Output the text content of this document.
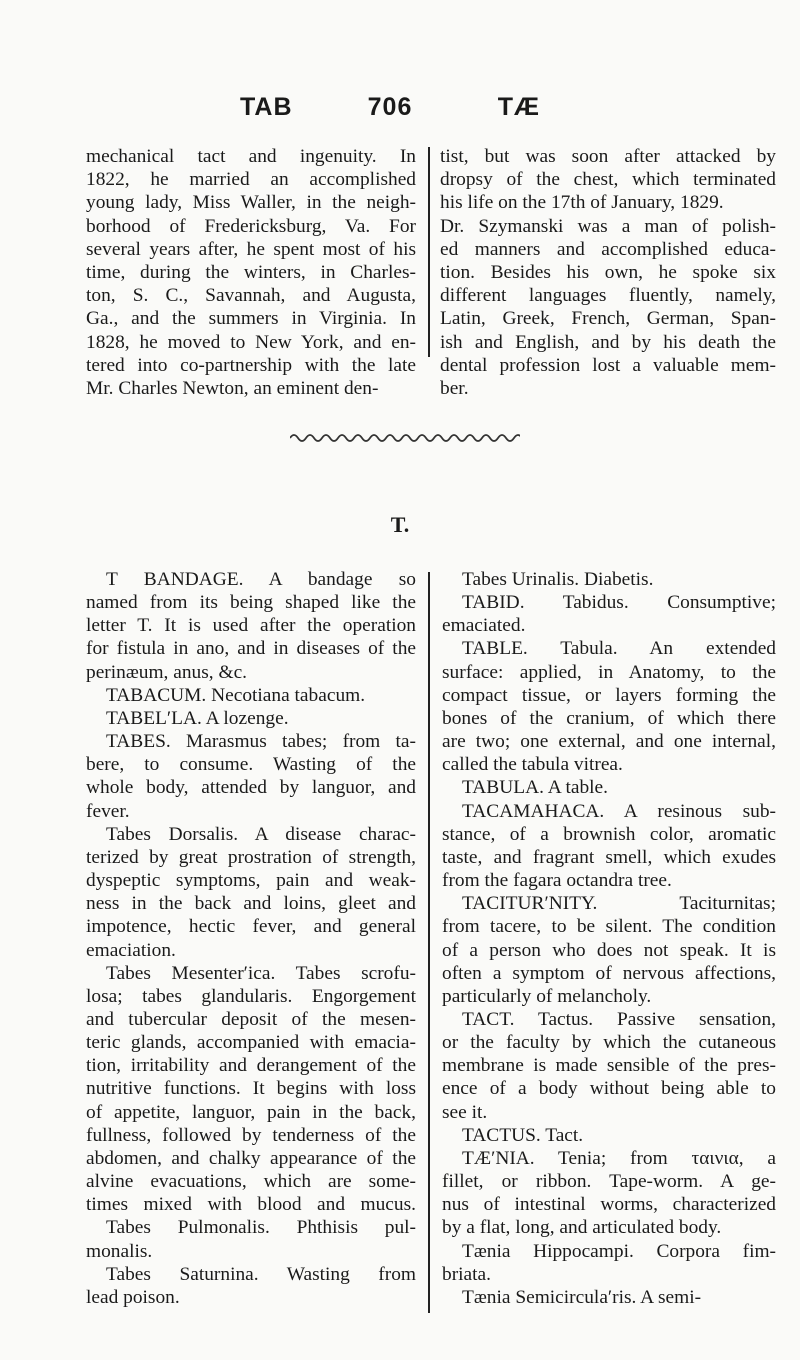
TAB	706	TÆ
mechanical tact and ingenuity. In
1822, he married an accomplished
young lady, Miss Waller, in the neigh-
borhood of Fredericksburg, Va. For
several years after, he spent most of his
time, during the winters, in Charles-
ton, S. C., Savannah, and Augusta,
Ga., and the summers in Virginia. In
1828, he moved to New York, and en-
tered into co-partnership with the late
Mr. Charles Newton, an eminent den-
tist, but was soon after attacked by
dropsy of the chest, which terminated
his life on the 17th of January, 1829.
Dr. Szymanski was a man of polish-
ed manners and accomplished educa-
tion. Besides his own, he spoke six
different languages fluently, namely,
Latin, Greek, French, German, Span-
ish and English, and by his death the
dental profession lost a valuable mem-
ber.
T.
T BANDAGE. A bandage so
named from its being shaped like the
letter T. It is used after the operation
for fistula in ano, and in diseases of the
perinæum, anus, &c.
TABACUM. Necotiana tabacum.
TABEL′LA. A lozenge.
TABES. Marasmus tabes; from ta-
bere, to consume. Wasting of the
whole body, attended by languor, and
fever.
Tabes Dorsalis. A disease charac-
terized by great prostration of strength,
dyspeptic symptoms, pain and weak-
ness in the back and loins, gleet and
impotence, hectic fever, and general
emaciation.
Tabes Mesenter′ica. Tabes scrofu-
losa; tabes glandularis. Engorgement
and tubercular deposit of the mesen-
teric glands, accompanied with emacia-
tion, irritability and derangement of the
nutritive functions. It begins with loss
of appetite, languor, pain in the back,
fullness, followed by tenderness of the
abdomen, and chalky appearance of the
alvine evacuations, which are some-
times mixed with blood and mucus.
Tabes Pulmonalis. Phthisis pul-
monalis.
Tabes Saturnina. Wasting from
lead poison.
Tabes Urinalis. Diabetis.
TABID. Tabidus. Consumptive;
emaciated.
TABLE. Tabula. An extended
surface: applied, in Anatomy, to the
compact tissue, or layers forming the
bones of the cranium, of which there
are two; one external, and one internal,
called the tabula vitrea.
TABULA. A table.
TACAMAHACA. A resinous sub-
stance, of a brownish color, aromatic
taste, and fragrant smell, which exudes
from the fagara octandra tree.
TACITUR′NITY. Taciturnitas;
from tacere, to be silent. The condition
of a person who does not speak. It is
often a symptom of nervous affections,
particularly of melancholy.
TACT. Tactus. Passive sensation,
or the faculty by which the cutaneous
membrane is made sensible of the pres-
ence of a body without being able to
see it.
TACTUS. Tact.
TÆ′NIA. Tenia; from ταινια, a
fillet, or ribbon. Tape-worm. A ge-
nus of intestinal worms, characterized
by a flat, long, and articulated body.
Tænia Hippocampi. Corpora fim-
briata.
Tænia Semicircula′ris. A semi-
